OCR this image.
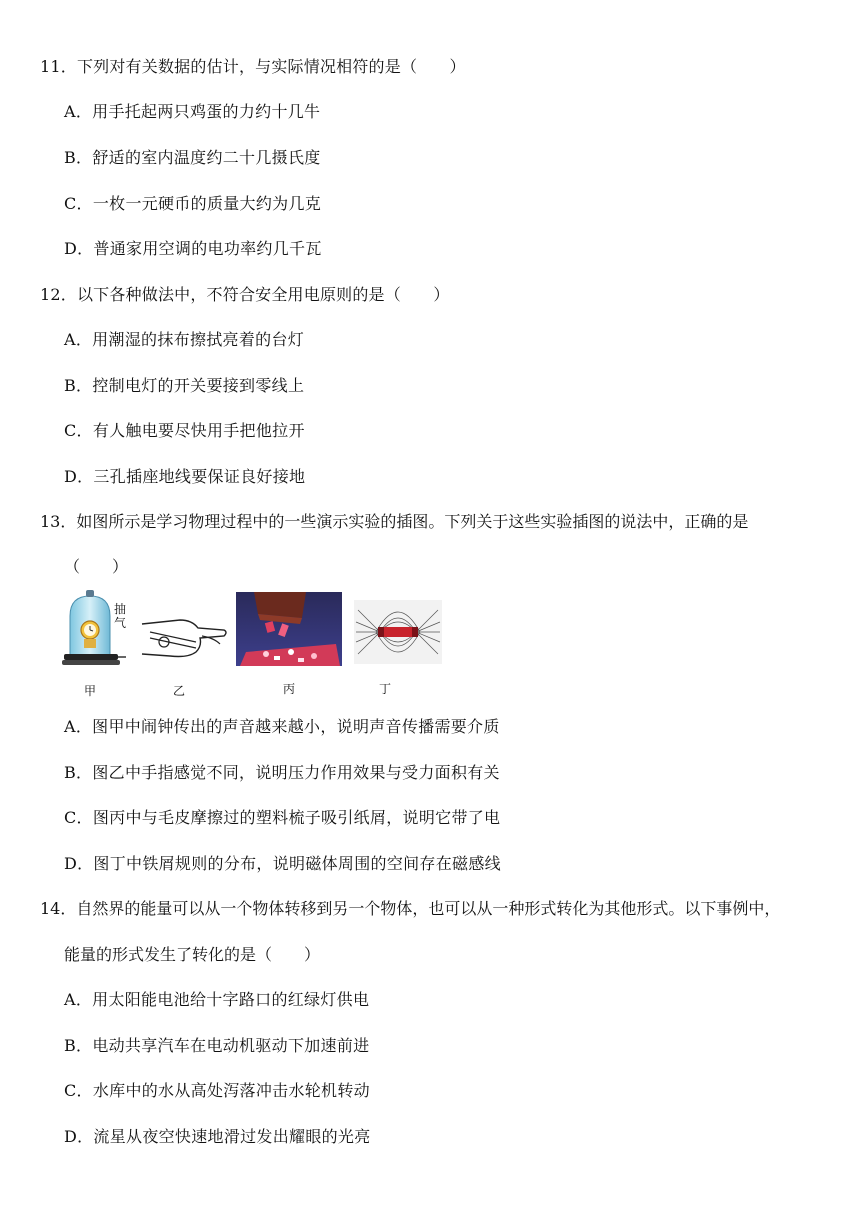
11．下列对有关数据的估计，与实际情况相符的是（　　）
A．用手托起两只鸡蛋的力约十几牛
B．舒适的室内温度约二十几摄氏度
C．一枚一元硬币的质量大约为几克
D．普通家用空调的电功率约几千瓦
12．以下各种做法中，不符合安全用电原则的是（　　）
A．用潮湿的抹布擦拭亮着的台灯
B．控制电灯的开关要接到零线上
C．有人触电要尽快用手把他拉开
D．三孔插座地线要保证良好接地
13．如图所示是学习物理过程中的一些演示实验的插图。下列关于这些实验插图的说法中，正确的是
（　　）
抽气
甲	乙	丙	丁
A．图甲中闹钟传出的声音越来越小，说明声音传播需要介质
B．图乙中手指感觉不同，说明压力作用效果与受力面积有关
C．图丙中与毛皮摩擦过的塑料梳子吸引纸屑，说明它带了电
D．图丁中铁屑规则的分布，说明磁体周围的空间存在磁感线
14．自然界的能量可以从一个物体转移到另一个物体，也可以从一种形式转化为其他形式。以下事例中，
能量的形式发生了转化的是（　　）
A．用太阳能电池给十字路口的红绿灯供电
B．电动共享汽车在电动机驱动下加速前进
C．水库中的水从高处泻落冲击水轮机转动
D．流星从夜空快速地滑过发出耀眼的光亮
